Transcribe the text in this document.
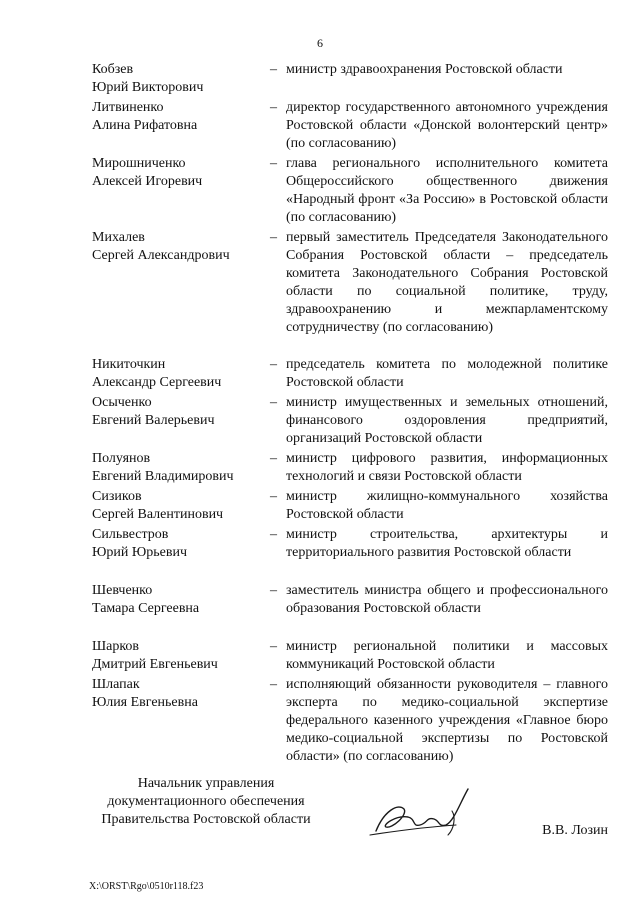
6
Кобзев
Юрий Викторович
– министр здравоохранения Ростовской области
Литвиненко
Алина Рифатовна
– директор государственного автономного учреждения Ростовской области «Донской волонтерский центр» (по согласованию)
Мирошниченко
Алексей Игоревич
– глава регионального исполнительного комитета Общероссийского общественного движения «Народный фронт «За Россию» в Ростовской области (по согласованию)
Михалев
Сергей Александрович
– первый заместитель Председателя Законодательного Собрания Ростовской области – председатель комитета Законодательного Собрания Ростовской области по социальной политике, труду, здравоохранению и межпарламентскому сотрудничеству (по согласованию)
Никиточкин
Александр Сергеевич
– председатель комитета по молодежной политике Ростовской области
Осыченко
Евгений Валерьевич
– министр имущественных и земельных отношений, финансового оздоровления предприятий, организаций Ростовской области
Полуянов
Евгений Владимирович
– министр цифрового развития, информационных технологий и связи Ростовской области
Сизиков
Сергей Валентинович
– министр жилищно-коммунального хозяйства Ростовской области
Сильвестров
Юрий Юрьевич
– министр строительства, архитектуры и территориального развития Ростовской области
Шевченко
Тамара Сергеевна
– заместитель министра общего и профессионального образования Ростовской области
Шарков
Дмитрий Евгеньевич
– министр региональной политики и массовых коммуникаций Ростовской области
Шлапак
Юлия Евгеньевна
– исполняющий обязанности руководителя – главного эксперта по медико-социальной экспертизе федерального казенного учреждения «Главное бюро медико-социальной экспертизы по Ростовской области» (по согласованию)
Начальник управления
документационного обеспечения
Правительства Ростовской области
В.В. Лозин
X:\ORST\Rgo\0510r118.f23
